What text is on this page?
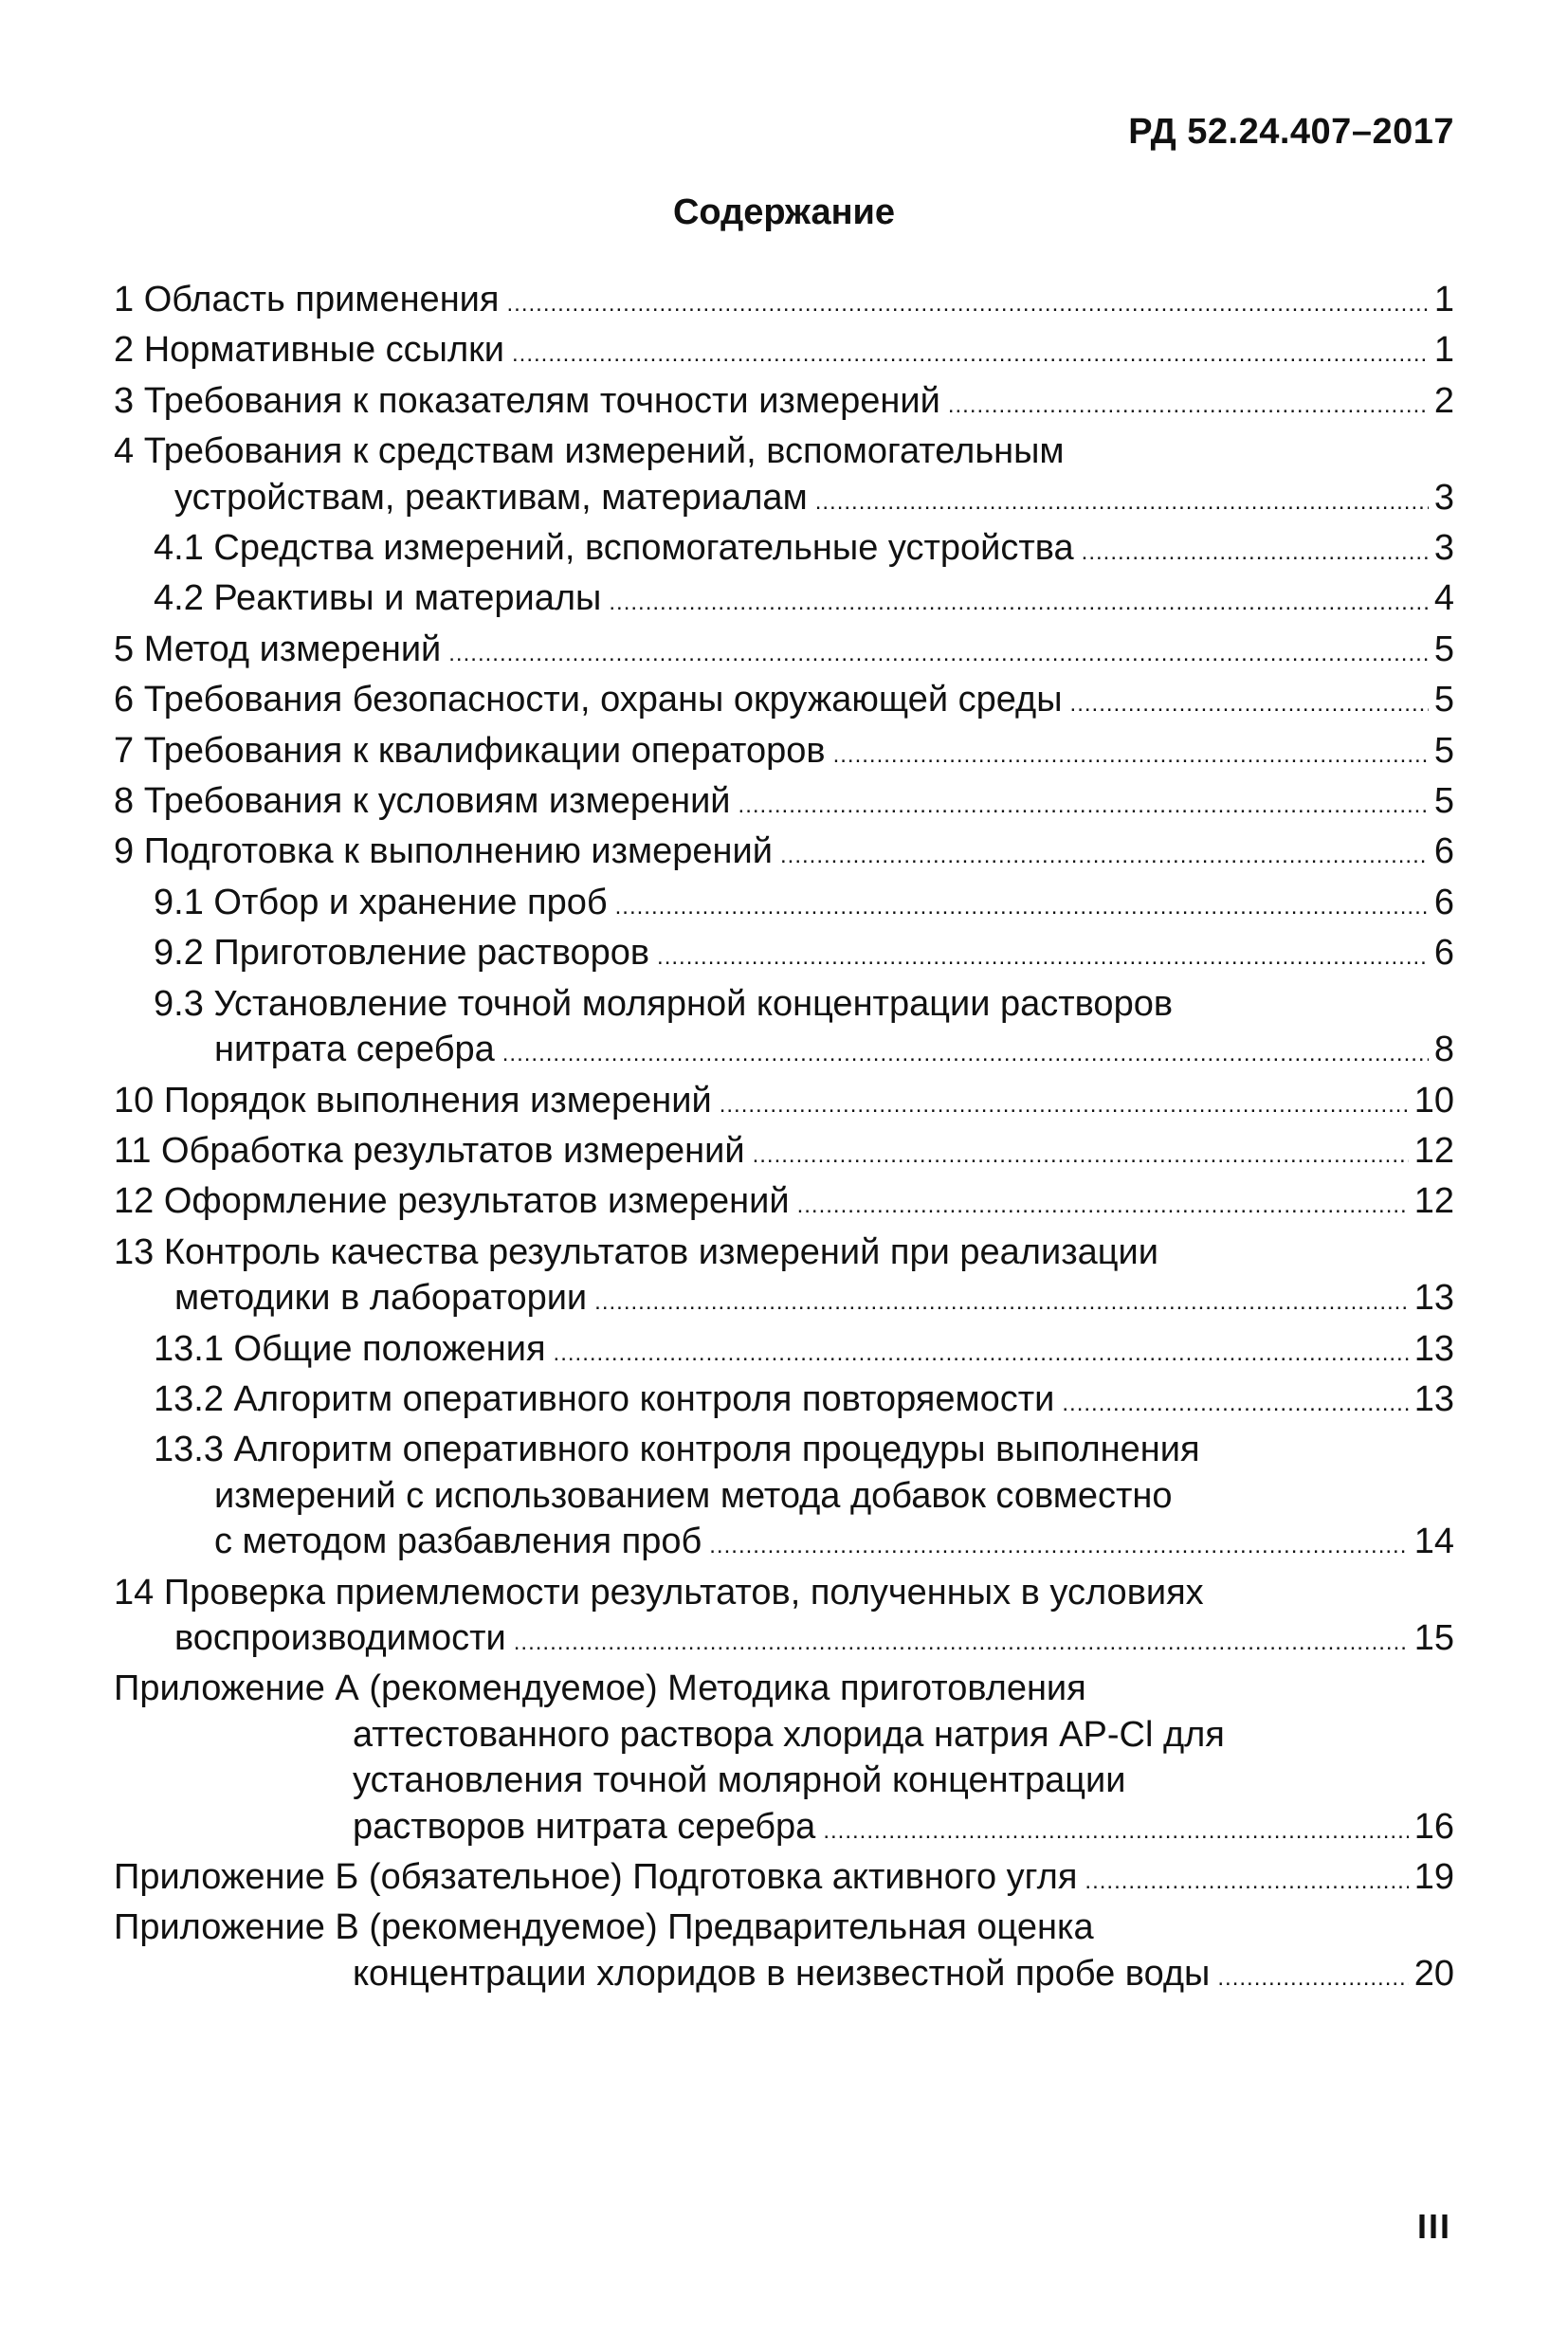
РД 52.24.407–2017
Содержание
1 Область применения .....	1
2 Нормативные ссылки .....	1
3 Требования к показателям точности измерений .....	2
4 Требования к средствам измерений, вспомогательным
устройствам, реактивам, материалам .....	3
4.1 Средства измерений, вспомогательные устройства .....	3
4.2 Реактивы и материалы .....	4
5 Метод измерений .....	5
6 Требования безопасности, охраны окружающей среды .....	5
7 Требования к квалификации операторов .....	5
8 Требования к условиям измерений .....	5
9 Подготовка к выполнению измерений .....	6
9.1 Отбор и хранение проб .....	6
9.2 Приготовление растворов .....	6
9.3 Установление точной молярной концентрации растворов
нитрата серебра .....	8
10 Порядок выполнения измерений .....	10
11 Обработка результатов измерений .....	12
12 Оформление результатов измерений .....	12
13 Контроль качества результатов измерений при реализации
методики в лаборатории .....	13
13.1 Общие положения .....	13
13.2 Алгоритм оперативного контроля повторяемости .....	13
13.3 Алгоритм оперативного контроля процедуры выполнения
измерений с использованием метода добавок совместно
с методом разбавления проб .....	14
14 Проверка приемлемости результатов, полученных в условиях
воспроизводимости .....	15
Приложение А (рекомендуемое) Методика приготовления
аттестованного раствора хлорида натрия АР-Cl для
установления точной молярной концентрации
растворов нитрата серебра .....	16
Приложение Б (обязательное) Подготовка активного угля .....	19
Приложение В (рекомендуемое) Предварительная оценка
концентрации хлоридов в неизвестной пробе воды .....	20
III
